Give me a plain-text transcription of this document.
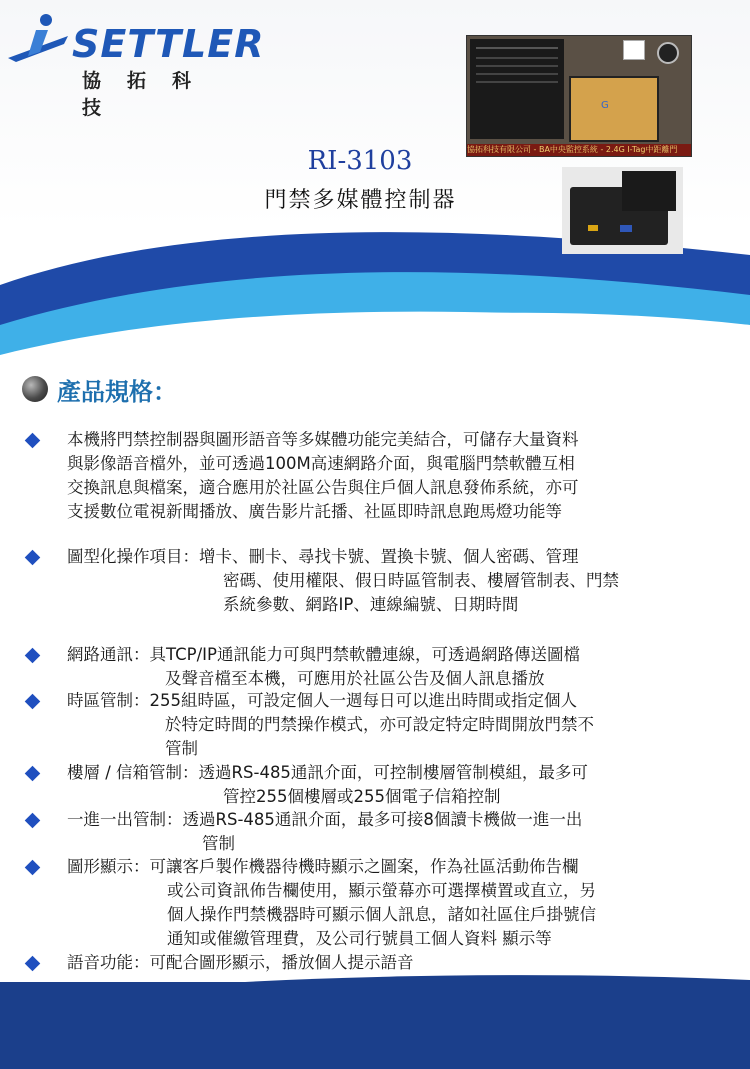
SETTLER
協拓科技	G
協拓科技有限公司 - BA中央監控系統 - 2.4G I-Tag中距離門
RI-3103
門禁多媒體控制器
產品規格：
本機將門禁控制器與圖形語音等多媒體功能完美結合，可儲存大量資料
與影像語音檔外，並可透過100M高速網路介面，與電腦門禁軟體互相
交換訊息與檔案，適合應用於社區公告與住戶個人訊息發佈系統，亦可
支援數位電視新聞播放、廣告影片託播、社區即時訊息跑馬燈功能等
圖型化操作項目：增卡、刪卡、尋找卡號、置換卡號、個人密碼、管理
密碼、使用權限、假日時區管制表、樓層管制表、門禁
系統參數、網路IP、連線編號、日期時間
網路通訊：具TCP/IP通訊能力可與門禁軟體連線，可透過網路傳送圖檔
及聲音檔至本機，可應用於社區公告及個人訊息播放
時區管制：255組時區，可設定個人一週每日可以進出時間或指定個人
於特定時間的門禁操作模式，亦可設定特定時間開放門禁不
管制
樓層 / 信箱管制：透過RS-485通訊介面，可控制樓層管制模組，最多可
管控255個樓層或255個電子信箱控制
一進一出管制：透過RS-485通訊介面，最多可接8個讀卡機做一進一出
管制
圖形顯示：可讓客戶製作機器待機時顯示之圖案，作為社區活動佈告欄
或公司資訊佈告欄使用，顯示螢幕亦可選擇橫置或直立，另
個人操作門禁機器時可顯示個人訊息，諸如社區住戶掛號信
通知或催繳管理費，及公司行號員工個人資料 顯示等
語音功能：可配合圖形顯示，播放個人提示語音
